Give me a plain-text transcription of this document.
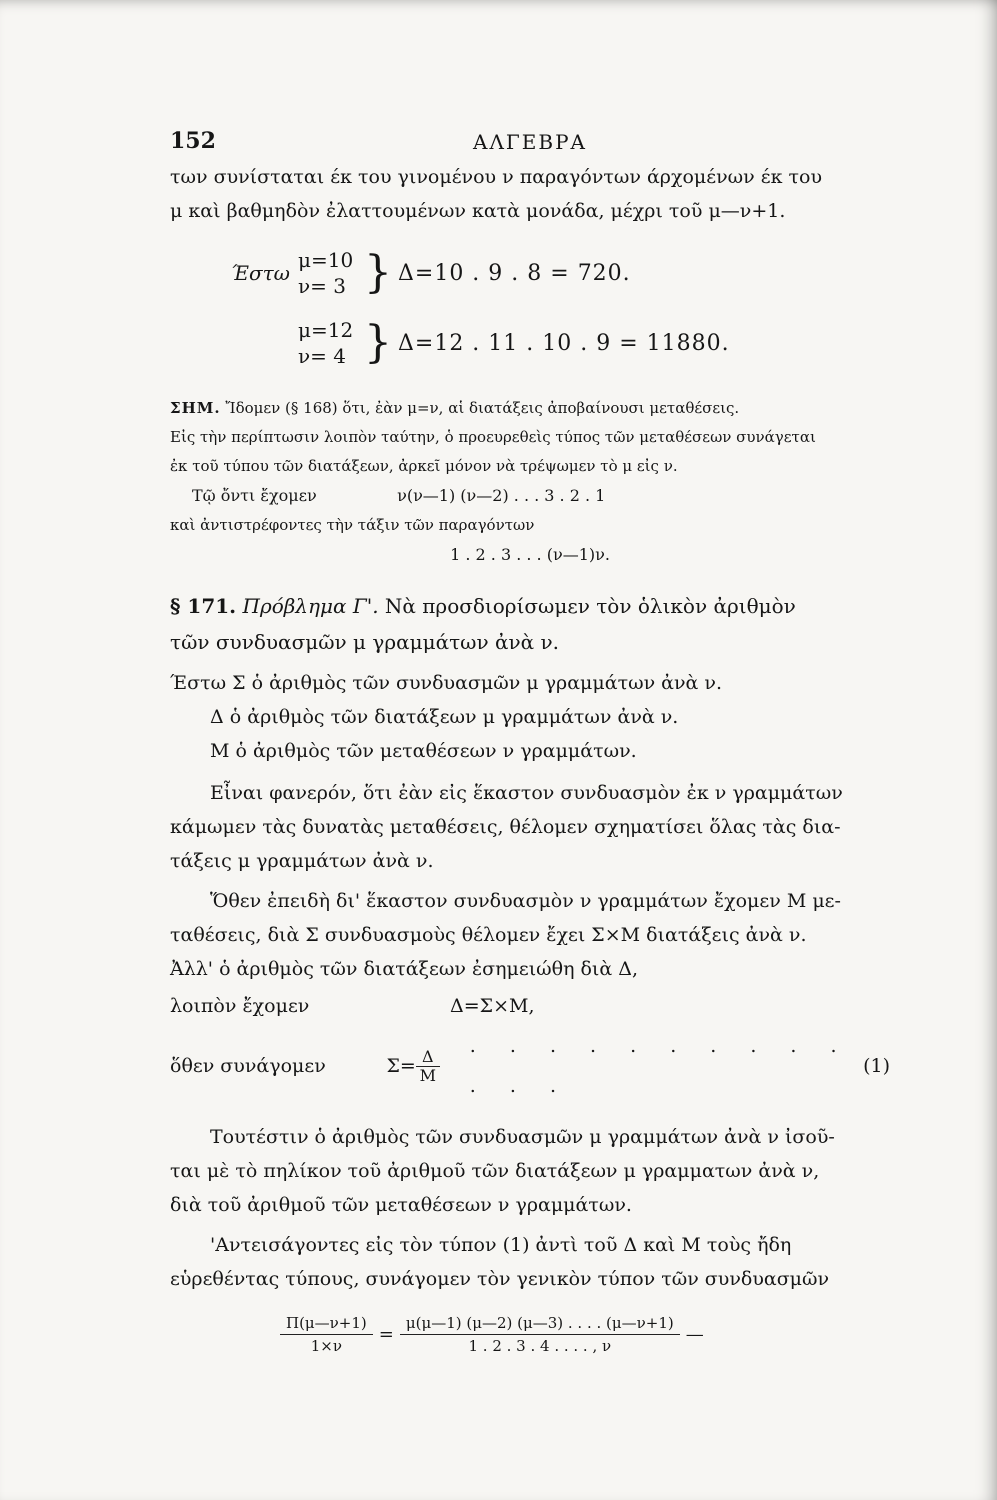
152	ΑΛΓΕΒΡΑ

των συνίσταται έκ του γινομένου ν παραγόντων άρχομένων έκ του

μ καὶ βαθμηδὸν ἐλαττουμένων κατὰ μονάδα, μέχρι τοῦ μ—ν+1.

Έστω
μ=10
ν= 3 } Δ=10 . 9 . 8 = 720.
μ=12
ν= 4 } Δ=12 . 11 . 10 . 9 = 11880.

ΣΗΜ. Ἴδομεν (§ 168) ὅτι, ἐὰν μ=ν, αἱ διατάξεις ἀποβαίνουσι μεταθέσεις.

Εἰς τὴν περίπτωσιν λοιπὸν ταύτην, ὁ προευρεθεὶς τύπος τῶν μεταθέσεων συνάγεται

ἐκ τοῦ τύπου τῶν διατάξεων, ἀρκεῖ μόνον νὰ τρέψωμεν τὸ μ εἰς ν.

Τῷ ὄντι ἔχομεν	ν(ν—1) (ν—2) . . . 3 . 2 . 1

καὶ ἀντιστρέφοντες τὴν τάξιν τῶν παραγόντων

1 . 2 . 3 . . . (ν—1)ν.

§ 171. Πρόβλημα Γ'. Νὰ προσδιορίσωμεν τὸν ὁλικὸν ἀριθμὸν

τῶν συνδυασμῶν μ γραμμάτων ἀνὰ ν.

Έστω Σ ὁ ἀριθμὸς τῶν συνδυασμῶν μ γραμμάτων ἀνὰ ν.

Δ ὁ ἀριθμὸς τῶν διατάξεων μ γραμμάτων ἀνὰ ν.

Μ ὁ ἀριθμὸς τῶν μεταθέσεων ν γραμμάτων.

Εἶναι φανερόν, ὅτι ἐὰν εἰς ἕκαστον συνδυασμὸν ἐκ ν γραμμάτων

κάμωμεν τὰς δυνατὰς μεταθέσεις, θέλομεν σχηματίσει ὅλας τὰς δια-

τάξεις μ γραμμάτων ἀνὰ ν.

Ὅθεν ἐπειδὴ δι' ἕκαστον συνδυασμὸν ν γραμμάτων ἔχομεν Μ με-

ταθέσεις, διὰ Σ συνδυασμοὺς θέλομεν ἔχει Σ×Μ διατάξεις ἀνὰ ν.

Ἀλλ' ὁ ἀριθμὸς τῶν διατάξεων ἐσημειώθη διὰ Δ,

λοιπὸν ἔχομεν	Δ=Σ×Μ,
ὅθεν συνάγομεν	$\Sigma= \frac{\Delta}{M}$
. . . . . . . . . . . . .
(1)

Τουτέστιν ὁ ἀριθμὸς τῶν συνδυασμῶν μ γραμμάτων ἀνὰ ν ἰσοῦ-

ται μὲ τὸ πηλίκον τοῦ ἀριθμοῦ τῶν διατάξεων μ γραμματων ἀνὰ ν,

διὰ τοῦ ἀριθμοῦ τῶν μεταθέσεων ν γραμμάτων.

'Αντεισάγοντες εἰς τὸν τύπον (1) ἀντὶ τοῦ Δ καὶ Μ τοὺς ἤδη

εὑρεθέντας τύπους, συνάγομεν τὸν γενικὸν τύπον τῶν συνδυασμῶν

$\frac{\Pi(\mu—\nu+1)}{1\times\nu} = \frac{\mu(\mu—1) (\mu—2) (\mu—3) . . . . (\mu—\nu+1)}{1 . 2 . 3 . 4 . . . . , \nu}$ —
